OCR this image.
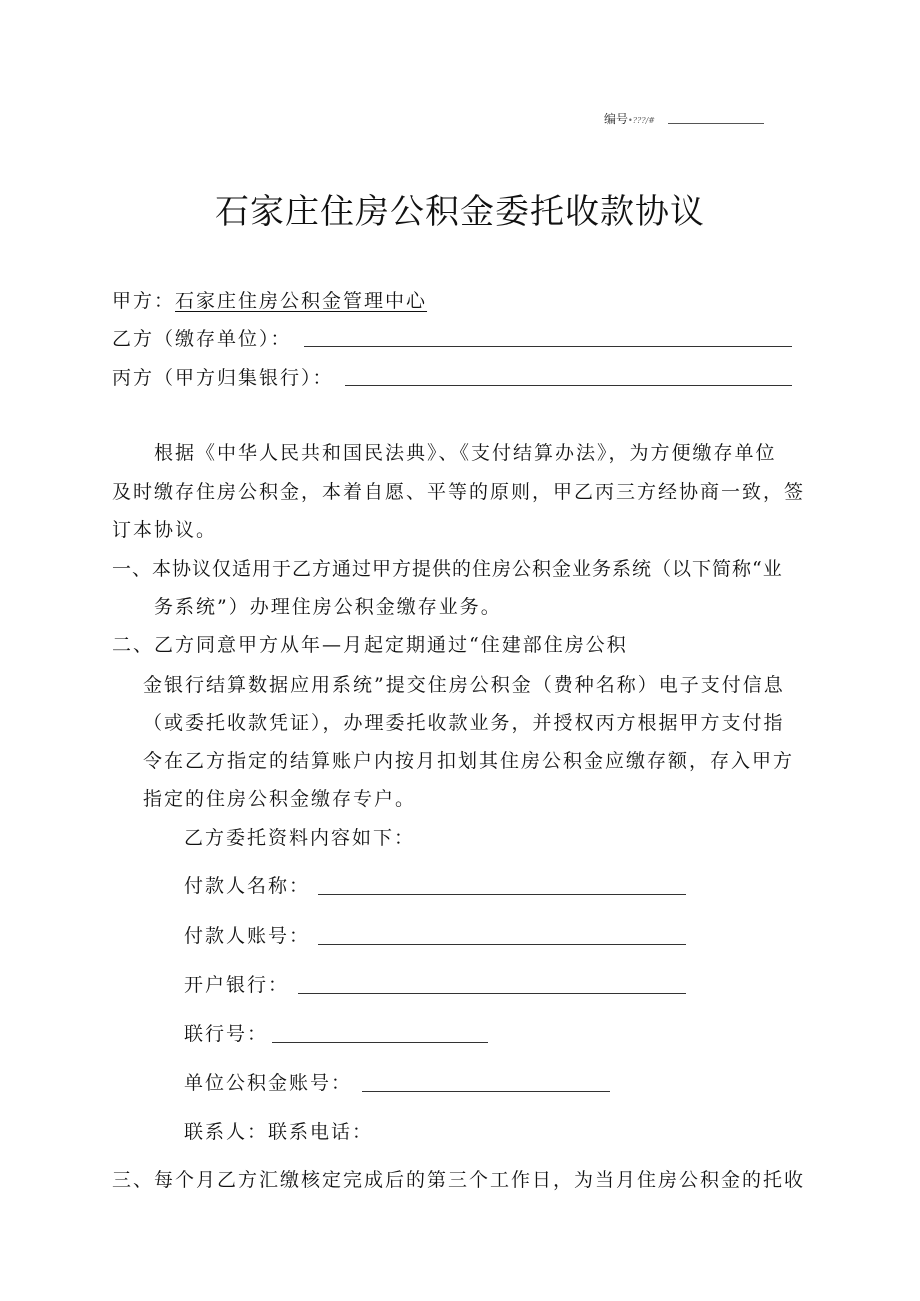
编号•???/#
石家庄住房公积金委托收款协议
甲方：石家庄住房公积金管理中心
乙方（缴存单位）：
丙方（甲方归集银行）：
根据《中华人民共和国民法典》、《支付结算办法》，为方便缴存单位
及时缴存住房公积金，本着自愿、平等的原则，甲乙丙三方经协商一致，签
订本协议。
一、本协议仅适用于乙方通过甲方提供的住房公积金业务系统（以下简称“业
务系统”）办理住房公积金缴存业务。
二、乙方同意甲方从年—月起定期通过“住建部住房公积
金银行结算数据应用系统”提交住房公积金（费种名称）电子支付信息
（或委托收款凭证），办理委托收款业务，并授权丙方根据甲方支付指
令在乙方指定的结算账户内按月扣划其住房公积金应缴存额，存入甲方
指定的住房公积金缴存专户。
乙方委托资料内容如下：
付款人名称：
付款人账号：
开户银行：
联行号：
单位公积金账号：
联系人：联系电话：
三、每个月乙方汇缴核定完成后的第三个工作日，为当月住房公积金的托收
